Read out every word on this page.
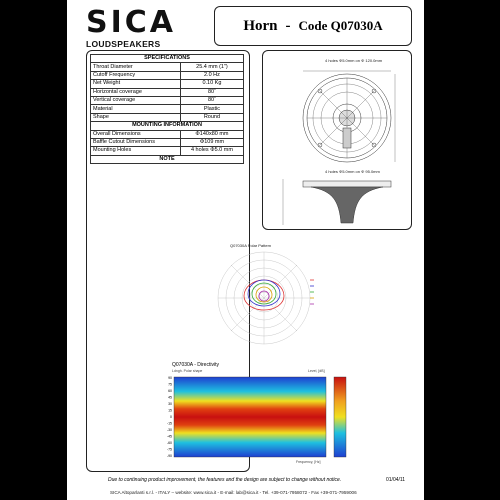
SICA
LOUDSPEAKERS
Horn - Code Q07030A
SPECIFICATIONS	
Throat Diameter	25.4 mm (1")
Cutoff Frequency	2.0 Hz
Net Weight	0.10 Kg
Horizontal coverage	80˚
Vertical coverage	80˚
Material	Plastic
Shape	Round
MOUNTING INFORMATION	
Overall Dimensions	Φ140x80 mm
Baffle Cutout Dimensions	Φ109 mm
Mounting Holes	4 holes Φ5.0 mm
NOTE	
4 holes Φ5.0mm on Φ 120.0mm
4 holes Φ5.0mm on Φ 95.0mm
Q07030A Polar Pattern
Q07030A - Directivity
Ldngh. Polar shape	Level, [dB]
90
75
60
45
30
15
0
-15
-30
-45
-60
-75
-90
Frequency, [Hz]
Due to continuing product improvement, the features and the design are subject to change without notice.	01/04/11
SICA Altoparlanti s.r.l. - ITALY – website: www.sica.it - E-mail: lab@sica.it - Tel. +39-071-7958072 - Fax +39-071-7959006
